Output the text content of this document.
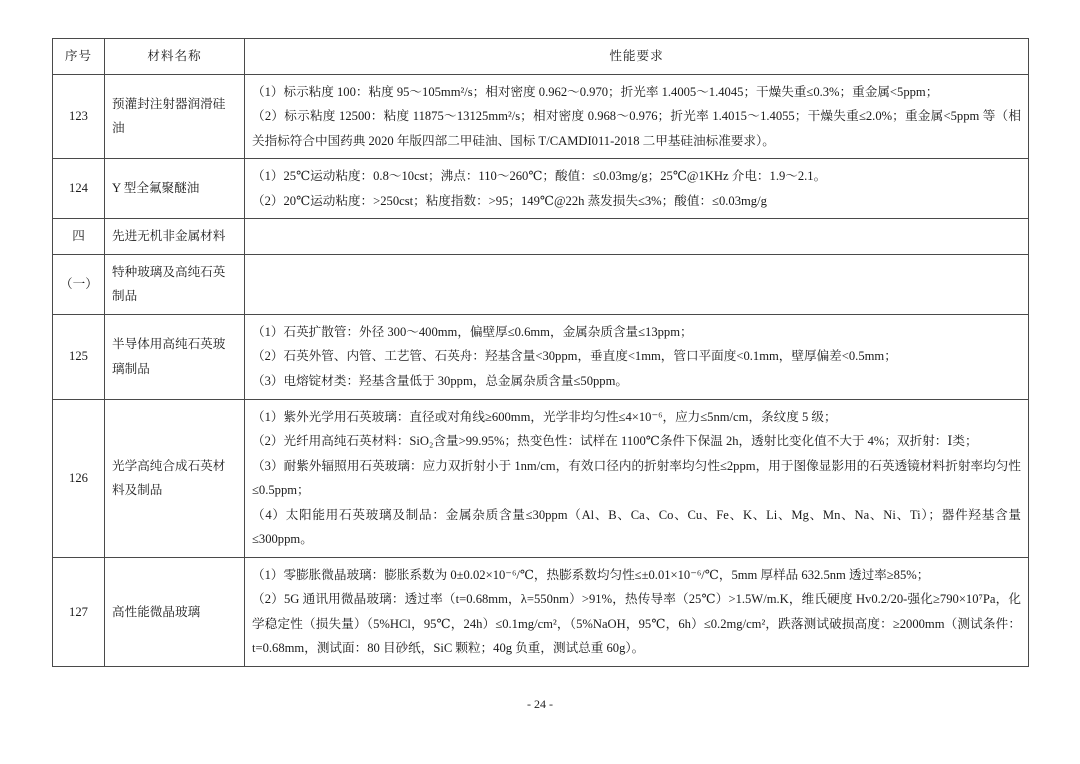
序号	材料名称	性能要求
123	预灌封注射器润滑硅油	（1）标示粘度 100：粘度 95～105mm²/s；相对密度 0.962～0.970；折光率 1.4005～1.4045；干燥失重≤0.3%；重金属<5ppm；
（2）标示粘度 12500：粘度 11875～13125mm²/s；相对密度 0.968～0.976；折光率 1.4015～1.4055；干燥失重≤2.0%；重金属<5ppm 等（相关指标符合中国药典 2020 年版四部二甲硅油、国标 T/CAMDI011-2018 二甲基硅油标准要求）。

124	Y 型全氟聚醚油	（1）25℃运动粘度：0.8～10cst；沸点：110～260℃；酸值：≤0.03mg/g；25℃@1KHz 介电：1.9～2.1。
（2）20℃运动粘度：>250cst；粘度指数：>95；149℃@22h 蒸发损失≤3%；酸值：≤0.03mg/g

四	先进无机非金属材料	
（一）	特种玻璃及高纯石英制品	
125	半导体用高纯石英玻璃制品	（1）石英扩散管：外径 300～400mm，偏壁厚≤0.6mm，金属杂质含量≤13ppm；
（2）石英外管、内管、工艺管、石英舟：羟基含量<30ppm，垂直度<1mm，管口平面度<0.1mm，壁厚偏差<0.5mm；
（3）电熔锭材类：羟基含量低于 30ppm，总金属杂质含量≤50ppm。

126	光学高纯合成石英材料及制品	（1）紫外光学用石英玻璃：直径或对角线≥600mm，光学非均匀性≤4×10⁻⁶，应力≤5nm/cm，条纹度 5 级；
（2）光纤用高纯石英材料：SiO₂含量>99.95%；热变色性：试样在 1100℃条件下保温 2h，透射比变化值不大于 4%；双折射：Ⅰ类；
（3）耐紫外辐照用石英玻璃：应力双折射小于 1nm/cm，有效口径内的折射率均匀性≤2ppm，用于图像显影用的石英透镜材料折射率均匀性≤0.5ppm；
（4）太阳能用石英玻璃及制品：金属杂质含量≤30ppm（Al、B、Ca、Co、Cu、Fe、K、Li、Mg、Mn、Na、Ni、Ti）；器件羟基含量≤300ppm。

127	高性能微晶玻璃	（1）零膨胀微晶玻璃：膨胀系数为 0±0.02×10⁻⁶/℃，热膨系数均匀性≤±0.01×10⁻⁶/℃，5mm 厚样品 632.5nm 透过率≥85%；
（2）5G 通讯用微晶玻璃：透过率（t=0.68mm，λ=550nm）>91%，热传导率（25℃）>1.5W/m.K，维氏硬度 Hv0.2/20-强化≥790×10⁷Pa，化学稳定性（损失量）（5%HCl，95℃，24h）≤0.1mg/cm²，（5%NaOH，95℃，6h）≤0.2mg/cm²，跌落测试破损高度：≥2000mm（测试条件：t=0.68mm，测试面：80 目砂纸，SiC 颗粒；40g 负重，测试总重 60g）。
- 24 -
